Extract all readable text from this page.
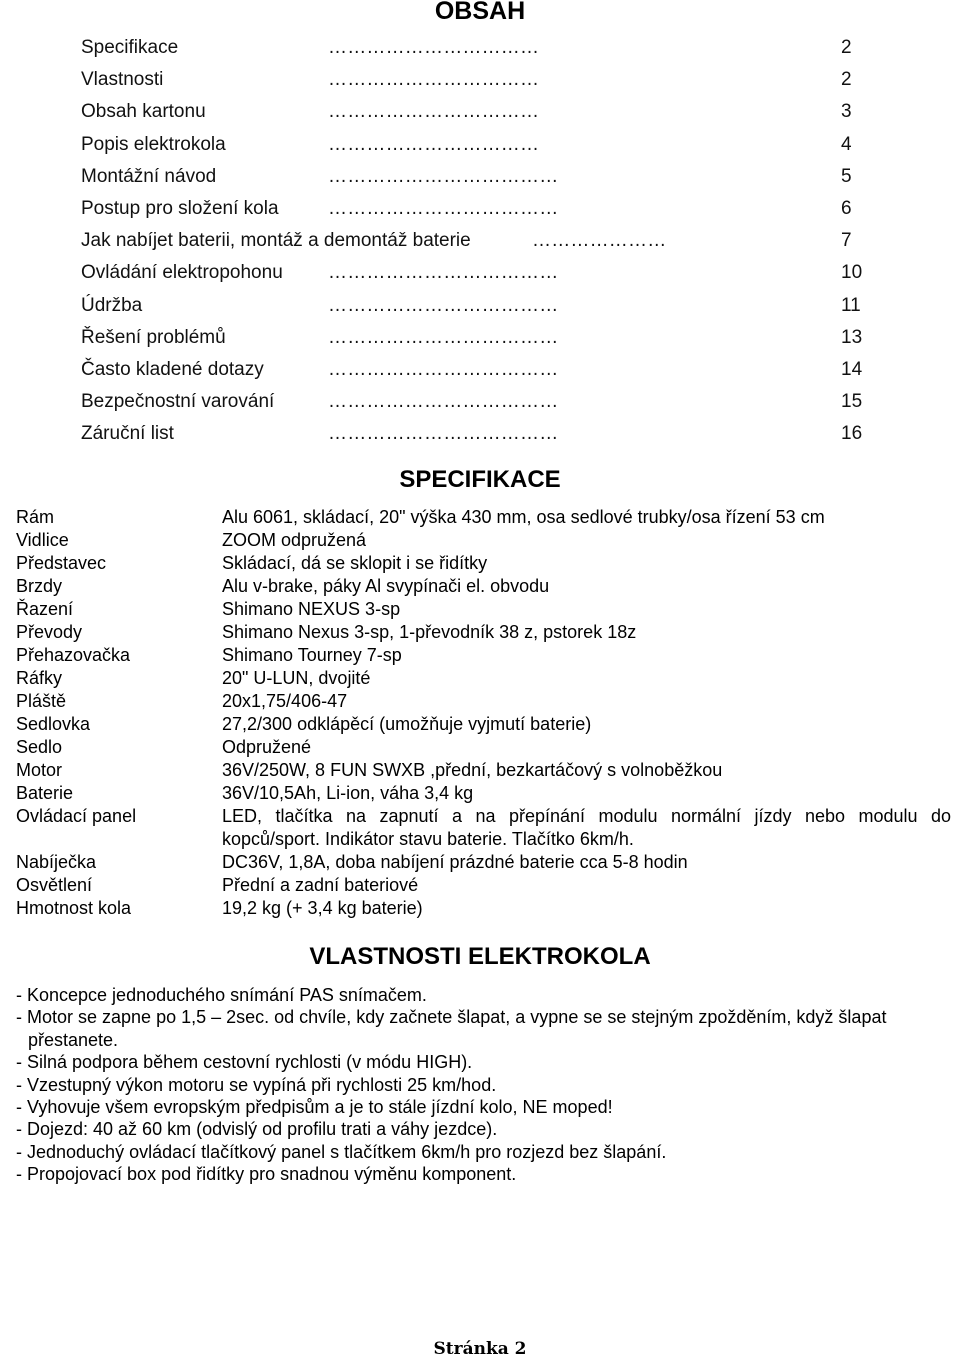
OBSAH
Specifikace	……………………………	2
Vlastnosti	……………………………	2
Obsah kartonu	……………………………	3
Popis elektrokola	……………………………	4
Montážní návod	………………………………	5
Postup pro složení kola	………………………………	6
Jak nabíjet baterii, montáž a demontáž baterie	…………………	7
Ovládání elektropohonu ………………………………	10
Údržba	………………………………	11
Řešení problémů	………………………………	13
Často kladené dotazy	………………………………	14
Bezpečnostní varování	………………………………	15
Záruční list	………………………………	16
SPECIFIKACE
Rám	Alu 6061, skládací, 20" výška 430 mm, osa sedlové trubky/osa řízení 53 cm
Vidlice	ZOOM odpružená
Představec	Skládací, dá se sklopit i se řidítky
Brzdy	Alu v-brake, páky Al svypínači el. obvodu
Řazení	Shimano NEXUS 3-sp
Převody	Shimano Nexus 3-sp, 1-převodník 38 z, pstorek 18z
Přehazovačka	Shimano Tourney 7-sp
Ráfky	20" U-LUN, dvojité
Pláště	20x1,75/406-47
Sedlovka	27,2/300 odklápěcí (umožňuje vyjmutí baterie)
Sedlo	Odpružené
Motor	36V/250W, 8 FUN SWXB ,přední, bezkartáčový s volnoběžkou
Baterie	36V/10,5Ah, Li-ion, váha 3,4 kg
Ovládací panel	LED, tlačítka na zapnutí a na přepínání modulu normální jízdy nebo modulu do kopců/sport. Indikátor stavu baterie. Tlačítko 6km/h.
Nabíječka	DC36V, 1,8A, doba nabíjení prázdné baterie cca 5-8 hodin
Osvětlení	Přední a zadní bateriové
Hmotnost kola	19,2 kg (+ 3,4 kg baterie)
VLASTNOSTI ELEKTROKOLA
- Koncepce jednoduchého snímání PAS snímačem.
- Motor se zapne po 1,5 – 2sec. od chvíle, kdy začnete šlapat, a vypne se se stejným zpožděním, když šlapat přestanete.
- Silná podpora během cestovní rychlosti (v módu HIGH).
- Vzestupný výkon motoru se vypíná při rychlosti 25 km/hod.
- Vyhovuje všem evropským předpisům a je to stále jízdní kolo, NE moped!
- Dojezd: 40 až 60 km (odvislý od profilu trati a váhy jezdce).
- Jednoduchý ovládací tlačítkový panel s tlačítkem 6km/h pro rozjezd bez šlapání.
- Propojovací box pod řidítky pro snadnou výměnu komponent.
Stránka 2
